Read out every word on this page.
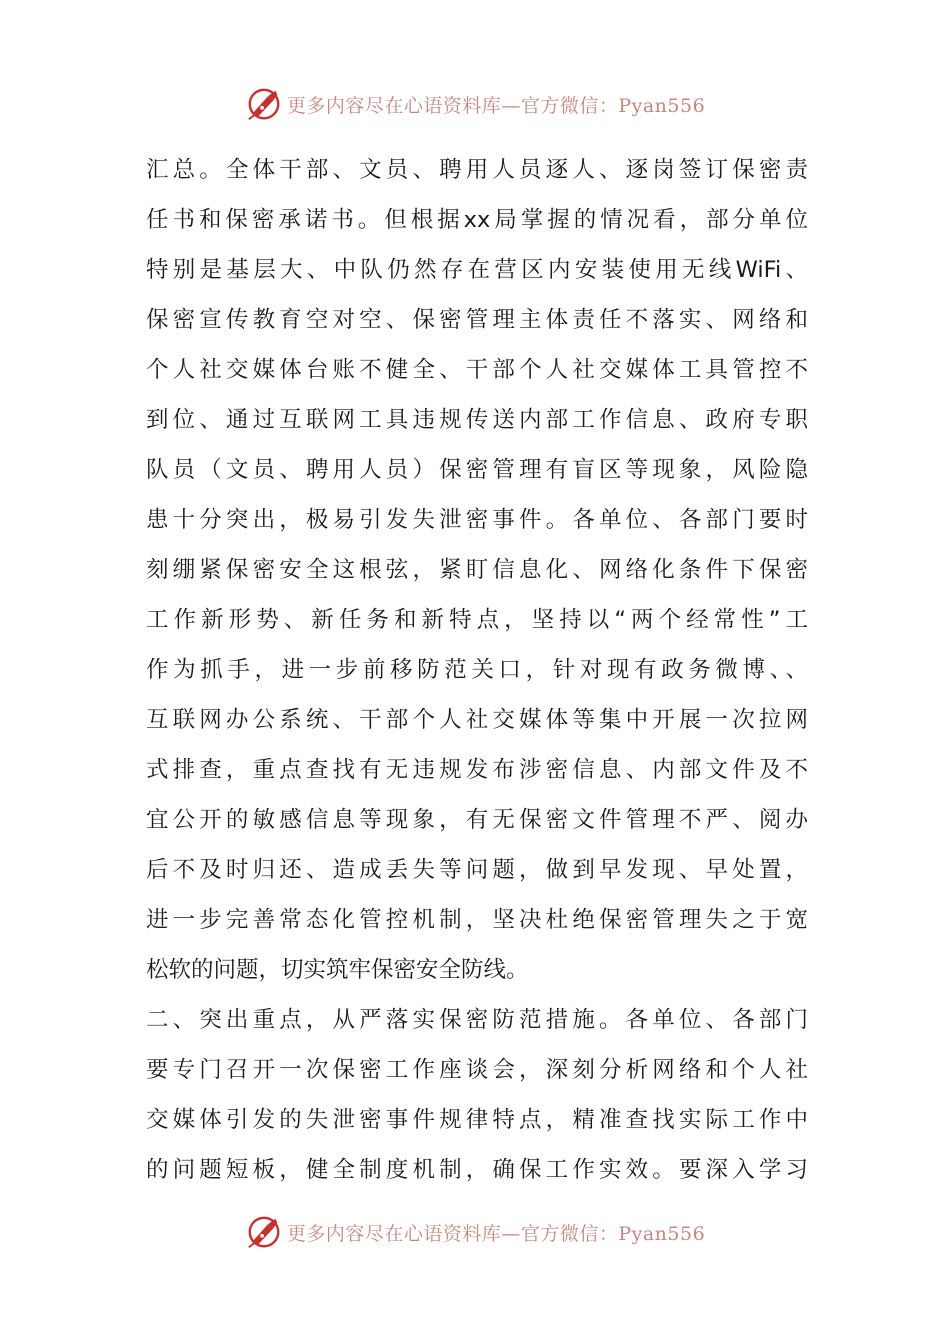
更多内容尽在心语资料库—官方微信：Pyan556
汇总。全体干部、文员、聘用人员逐人、逐岗签订保密责
任书和保密承诺书。但根据xx局掌握的情况看，部分单位
特别是基层大、中队仍然存在营区内安装使用无线WiFi、
保密宣传教育空对空、保密管理主体责任不落实、网络和
个人社交媒体台账不健全、干部个人社交媒体工具管控不
到位、通过互联网工具违规传送内部工作信息、政府专职
队员（文员、聘用人员）保密管理有盲区等现象，风险隐
患十分突出，极易引发失泄密事件。各单位、各部门要时
刻绷紧保密安全这根弦，紧盯信息化、网络化条件下保密
工作新形势、新任务和新特点，坚持以“两个经常性”工
作为抓手，进一步前移防范关口，针对现有政务微博、、
互联网办公系统、干部个人社交媒体等集中开展一次拉网
式排查，重点查找有无违规发布涉密信息、内部文件及不
宜公开的敏感信息等现象，有无保密文件管理不严、阅办
后不及时归还、造成丢失等问题，做到早发现、早处置，
进一步完善常态化管控机制，坚决杜绝保密管理失之于宽
松软的问题，切实筑牢保密安全防线。
二、突出重点，从严落实保密防范措施。各单位、各部门
要专门召开一次保密工作座谈会，深刻分析网络和个人社
交媒体引发的失泄密事件规律特点，精准查找实际工作中
的问题短板，健全制度机制，确保工作实效。要深入学习
更多内容尽在心语资料库—官方微信：Pyan556
